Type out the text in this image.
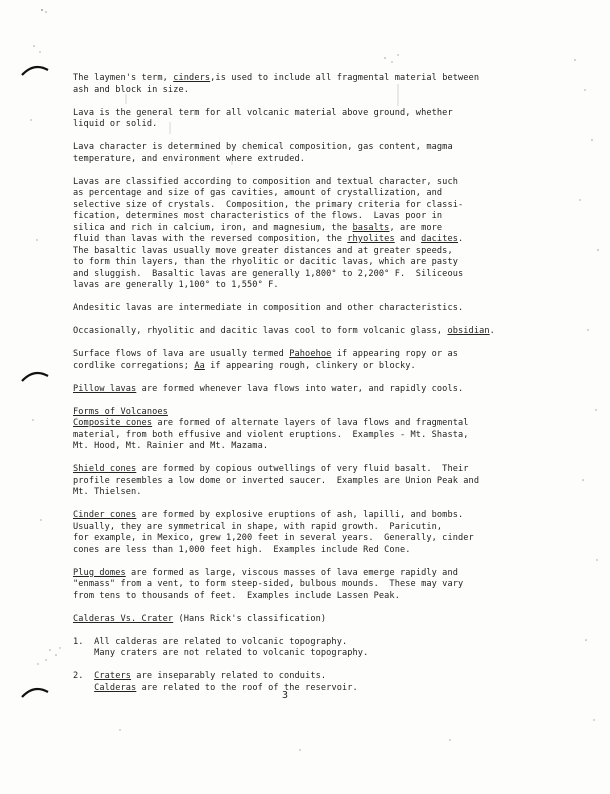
The laymen's term, cinders,is used to include all fragmental material between

ash and block in size.

Lava is the general term for all volcanic material above ground, whether

liquid or solid.

Lava character is determined by chemical composition, gas content, magma

temperature, and environment where extruded.

Lavas are classified according to composition and textual character, such

as percentage and size of gas cavities, amount of crystallization, and

selective size of crystals.  Composition, the primary criteria for classi-

fication, determines most characteristics of the flows.  Lavas poor in

silica and rich in calcium, iron, and magnesium, the basalts, are more

fluid than lavas with the reversed composition, the rhyolites and dacites.

The basaltic lavas usually move greater distances and at greater speeds,

to form thin layers, than the rhyolitic or dacitic lavas, which are pasty

and sluggish.  Basaltic lavas are generally 1,800° to 2,200° F.  Siliceous

lavas are generally 1,100° to 1,550° F.

Andesitic lavas are intermediate in composition and other characteristics.

Occasionally, rhyolitic and dacitic lavas cool to form volcanic glass, obsidian.

Surface flows of lava are usually termed Pahoehoe if appearing ropy or as

cordlike corregations; Aa if appearing rough, clinkery or blocky.

Pillow lavas are formed whenever lava flows into water, and rapidly cools.

Forms of Volcanoes

Composite cones are formed of alternate layers of lava flows and fragmental

material, from both effusive and violent eruptions.  Examples - Mt. Shasta,

Mt. Hood, Mt. Rainier and Mt. Mazama.

Shield cones are formed by copious outwellings of very fluid basalt.  Their

profile resembles a low dome or inverted saucer.  Examples are Union Peak and

Mt. Thielsen.

Cinder cones are formed by explosive eruptions of ash, lapilli, and bombs.

Usually, they are symmetrical in shape, with rapid growth.  Paricutin,

for example, in Mexico, grew 1,200 feet in several years.  Generally, cinder

cones are less than 1,000 feet high.  Examples include Red Cone.

Plug domes are formed as large, viscous masses of lava emerge rapidly and

"enmass" from a vent, to form steep-sided, bulbous mounds.  These may vary

from tens to thousands of feet.  Examples include Lassen Peak.

Calderas Vs. Crater (Hans Rick's classification)

1.  All calderas are related to volcanic topography.

Many craters are not related to volcanic topography.

2.  Craters are inseparably related to conduits.

Calderas are related to the roof of the reservoir.

3
